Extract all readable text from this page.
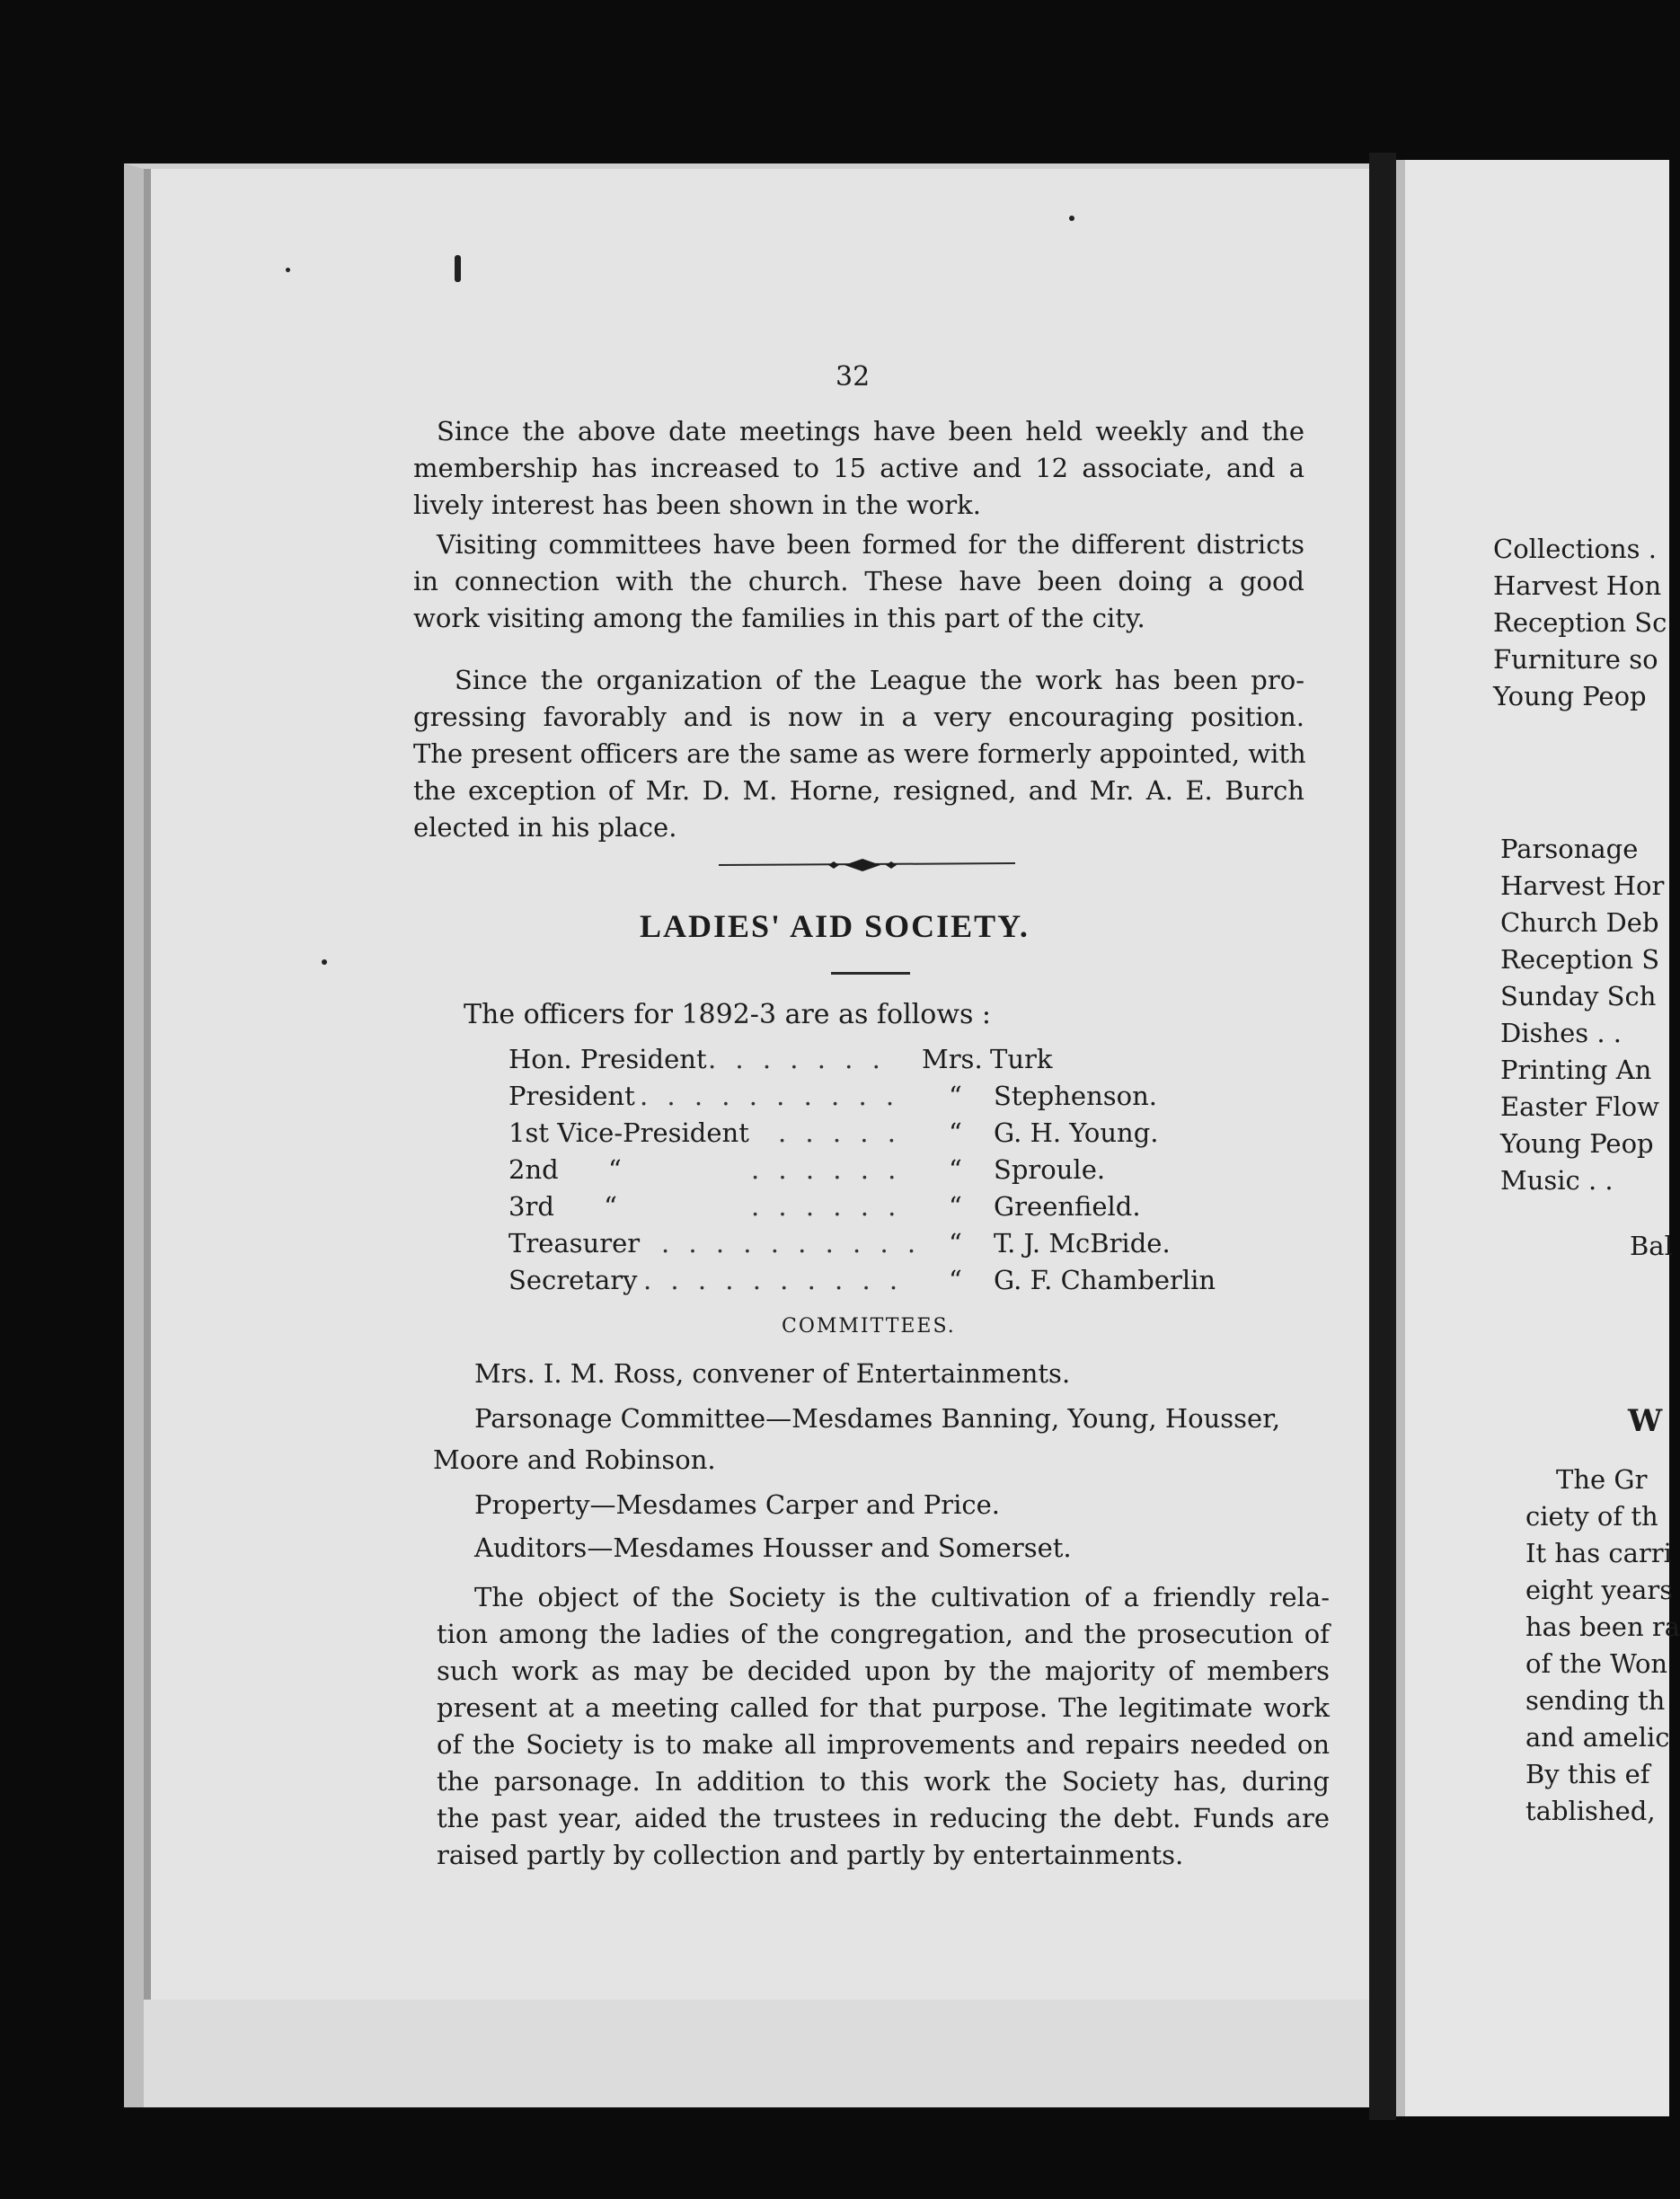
Collections .
Harvest Hon
Reception Sc
Furniture so
Young Peop
Parsonage
Harvest Hor
Church Deb
Reception S
Sunday Sch
Dishes . .
Printing An
Easter Flow
Young Peop
Music . .
Bal
W
The Gr
ciety of th
It has carri
eight years
has been ra
of the Won
sending th
and amelic
By this ef
tablished,
32
Since the above date meetings have been held weekly and the
membership has increased to 15 active and 12 associate, and a
lively interest has been shown in the work.
Visiting committees have been formed for the different districts
in connection with the church. These have been doing a good
work visiting among the families in this part of the city.
Since the organization of the League the work has been pro-
gressing favorably and is now in a very encouraging position.
The present officers are the same as were formerly appointed, with
the exception of Mr. D. M. Horne, resigned, and Mr. A. E. Burch
elected in his place.
LADIES' AID SOCIETY.
The officers for 1892-3 are as follows :
Hon. President . . . . . . . Mrs. Turk
President . . . . . . . . . . “ Stephenson.
1st Vice-President . . . . . “ G. H. Young.
2nd      “	. . . . . . “ Sproule.
3rd      “	. . . . . . “ Greenfield.
Treasurer . . . . . . . . . . “ T. J. McBride.
Secretary . . . . . . . . . . “ G. F. Chamberlin
COMMITTEES.
Mrs. I. M. Ross, convener of Entertainments.
Parsonage Committee—Mesdames Banning, Young, Housser,
Moore and Robinson.
Property—Mesdames Carper and Price.
Auditors—Mesdames Housser and Somerset.
The object of the Society is the cultivation of a friendly rela-
tion among the ladies of the congregation, and the prosecution of
such work as may be decided upon by the majority of members
present at a meeting called for that purpose. The legitimate work
of the Society is to make all improvements and repairs needed on
the parsonage. In addition to this work the Society has, during
the past year, aided the trustees in reducing the debt. Funds are
raised partly by collection and partly by entertainments.
